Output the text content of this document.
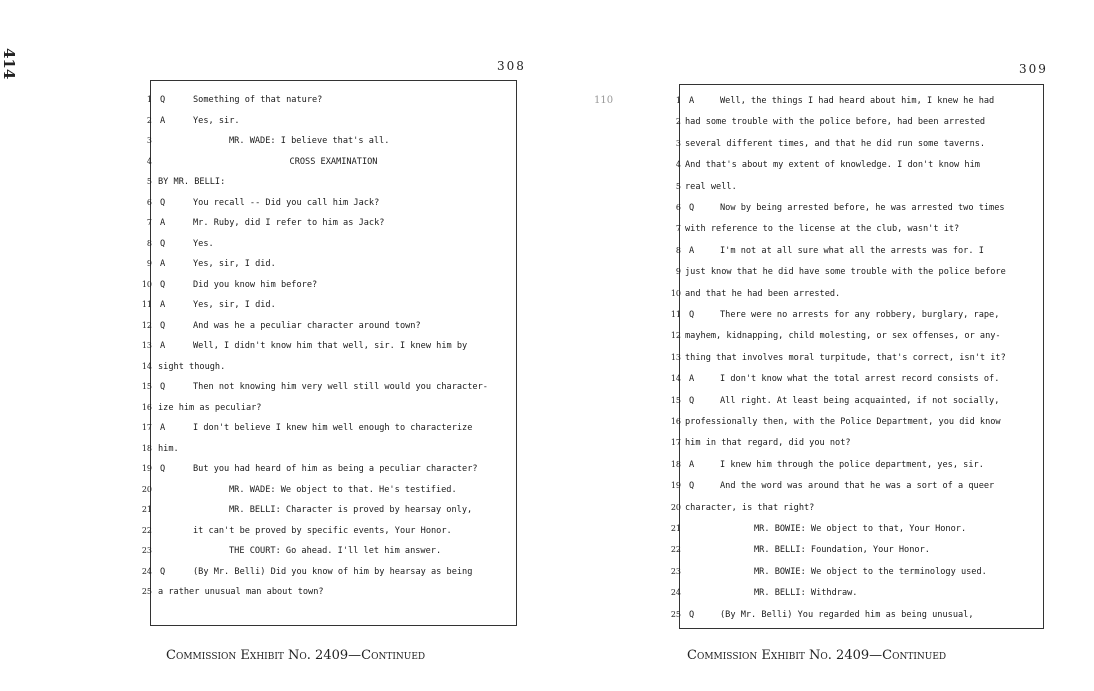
414
110
308	309
1 Q	Something of that nature?
2 A	Yes, sir.
3	MR. WADE: I believe that's all.
4	CROSS EXAMINATION
5 BY MR. BELLI:
6 Q	You recall -- Did you call him Jack?
7 A	Mr. Ruby, did I refer to him as Jack?
8 Q	Yes.
9 A	Yes, sir, I did.
10 Q	Did you know him before?
11 A	Yes, sir, I did.
12 Q	And was he a peculiar character around town?
13 A	Well, I didn't know him that well, sir. I knew him by
14 sight though.
15 Q	Then not knowing him very well still would you character-
16 ize him as peculiar?
17 A	I don't believe I knew him well enough to characterize
18 him.
19 Q	But you had heard of him as being a peculiar character?
20	MR. WADE: We object to that. He's testified.
21	MR. BELLI: Character is proved by hearsay only,
22	it can't be proved by specific events, Your Honor.
23	THE COURT: Go ahead. I'll let him answer.
24 Q	(By Mr. Belli) Did you know of him by hearsay as being
25 a rather unusual man about town?
1 A	Well, the things I had heard about him, I knew he had
2 had some trouble with the police before, had been arrested
3 several different times, and that he did run some taverns.
4 And that's about my extent of knowledge. I don't know him
5 real well.
6 Q	Now by being arrested before, he was arrested two times
7 with reference to the license at the club, wasn't it?
8 A	I'm not at all sure what all the arrests was for. I
9 just know that he did have some trouble with the police before
10 and that he had been arrested.
11 Q	There were no arrests for any robbery, burglary, rape,
12 mayhem, kidnapping, child molesting, or sex offenses, or any-
13 thing that involves moral turpitude, that's correct, isn't it?
14 A	I don't know what the total arrest record consists of.
15 Q	All right. At least being acquainted, if not socially,
16 professionally then, with the Police Department, you did know
17 him in that regard, did you not?
18 A	I knew him through the police department, yes, sir.
19 Q	And the word was around that he was a sort of a queer
20 character, is that right?
21	MR. BOWIE: We object to that, Your Honor.
22	MR. BELLI: Foundation, Your Honor.
23	MR. BOWIE: We object to the terminology used.
24	MR. BELLI: Withdraw.
25 Q	(By Mr. Belli) You regarded him as being unusual,
Commission Exhibit No. 2409—Continued	Commission Exhibit No. 2409—Continued
